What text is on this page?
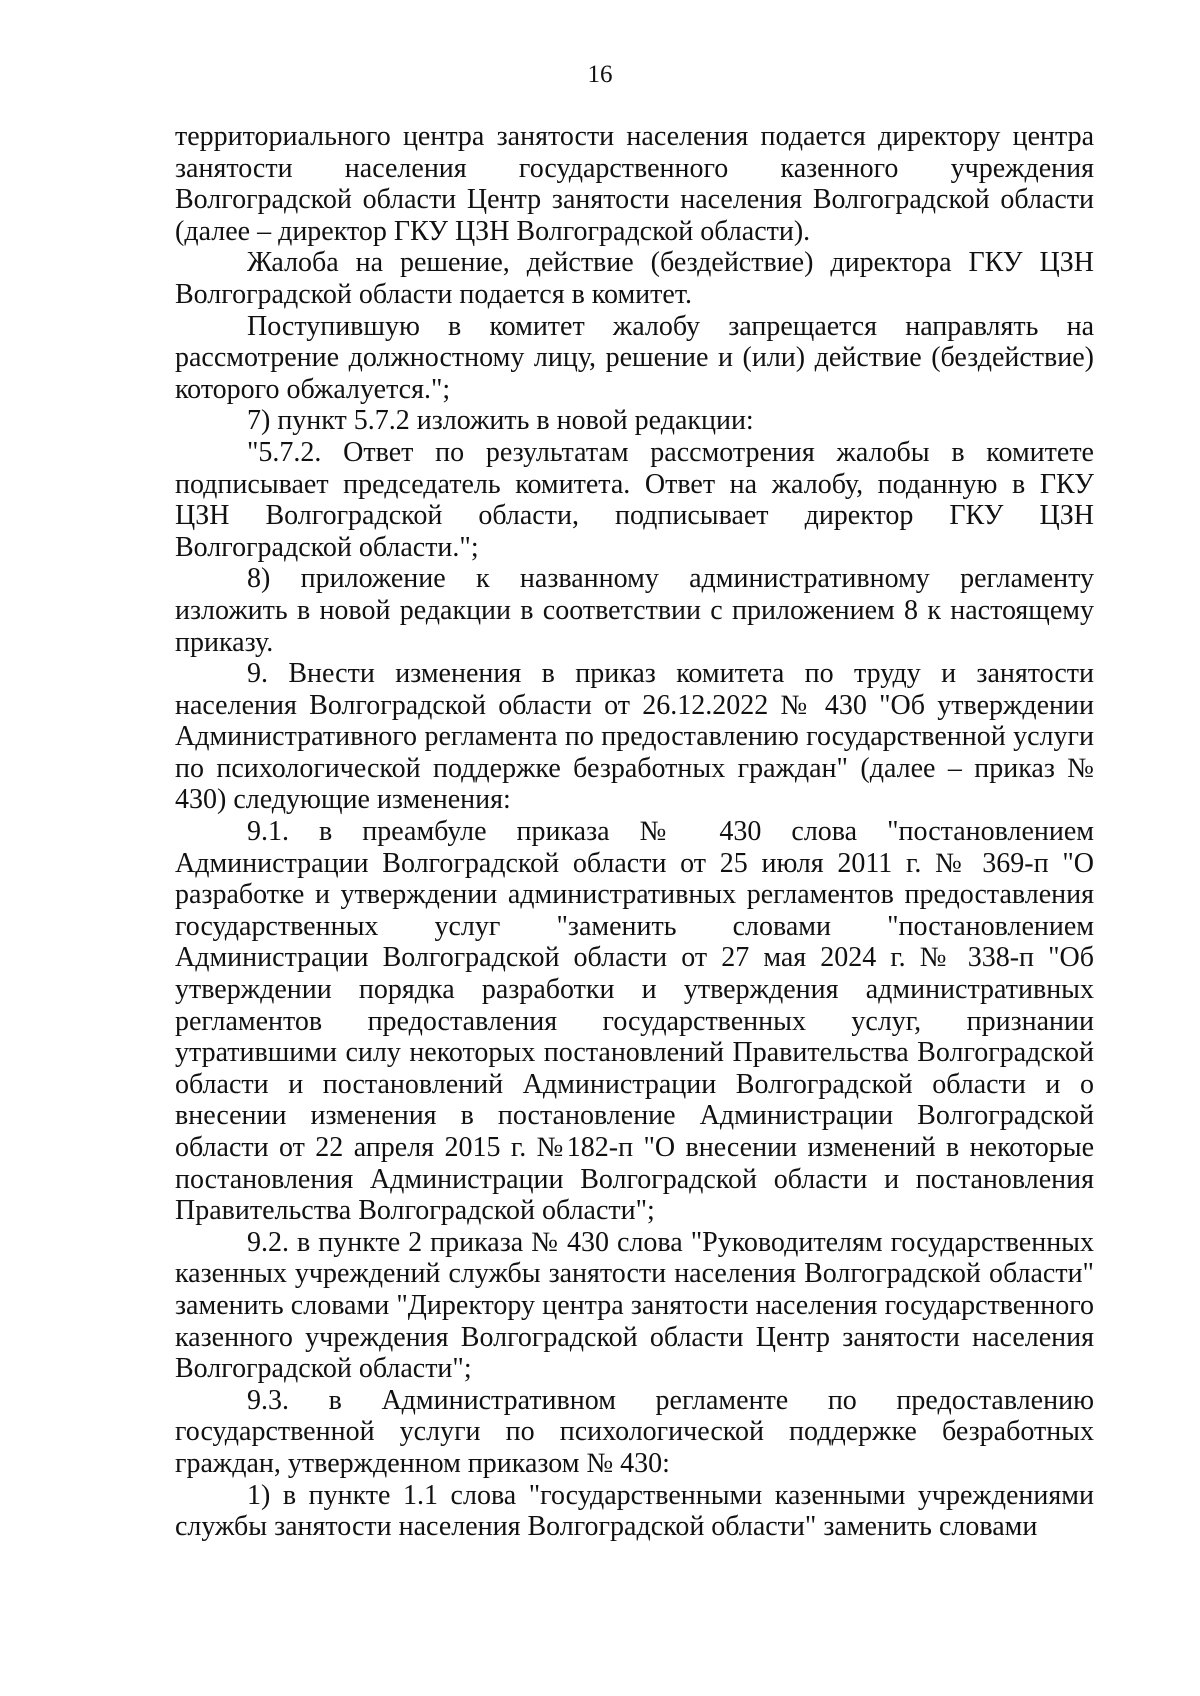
16

территориального центра занятости населения подается директору центра занятости населения государственного казенного учреждения Волгоградской области Центр занятости населения Волгоградской области (далее – директор ГКУ ЦЗН Волгоградской области).

Жалоба на решение, действие (бездействие) директора ГКУ ЦЗН Волгоградской области подается в комитет.

Поступившую в комитет жалобу запрещается направлять на рассмотрение должностному лицу, решение и (или) действие (бездействие) которого обжалуется.";

7) пункт 5.7.2 изложить в новой редакции:

"5.7.2. Ответ по результатам рассмотрения жалобы в комитете подписывает председатель комитета. Ответ на жалобу, поданную в ГКУ ЦЗН Волгоградской области, подписывает директор ГКУ ЦЗН Волгоградской области.";

8) приложение к названному административному регламенту изложить в новой редакции в соответствии с приложением 8 к настоящему приказу.

9. Внести изменения в приказ комитета по труду и занятости населения Волгоградской области от 26.12.2022 № 430 "Об утверждении Административного регламента по предоставлению государственной услуги по психологической поддержке безработных граждан" (далее – приказ № 430) следующие изменения:

9.1. в преамбуле приказа № 430 слова "постановлением Администрации Волгоградской области от 25 июля 2011 г. № 369-п "О разработке и утверждении административных регламентов предоставления государственных услуг "заменить словами "постановлением Администрации Волгоградской области от 27 мая 2024 г. № 338-п "Об утверждении порядка разработки и утверждения административных регламентов предоставления государственных услуг, признании утратившими силу некоторых постановлений Правительства Волгоградской области и постановлений Администрации Волгоградской области и о внесении изменения в постановление Администрации Волгоградской области от 22 апреля 2015 г. №182-п "О внесении изменений в некоторые постановления Администрации Волгоградской области и постановления Правительства Волгоградской области";

9.2. в пункте 2 приказа № 430 слова "Руководителям государственных казенных учреждений службы занятости населения Волгоградской области" заменить словами "Директору центра занятости населения государственного казенного учреждения Волгоградской области Центр занятости населения Волгоградской области";

9.3. в Административном регламенте по предоставлению государственной услуги по психологической поддержке безработных граждан, утвержденном приказом № 430:

1) в пункте 1.1 слова "государственными казенными учреждениями службы занятости населения Волгоградской области" заменить словами
